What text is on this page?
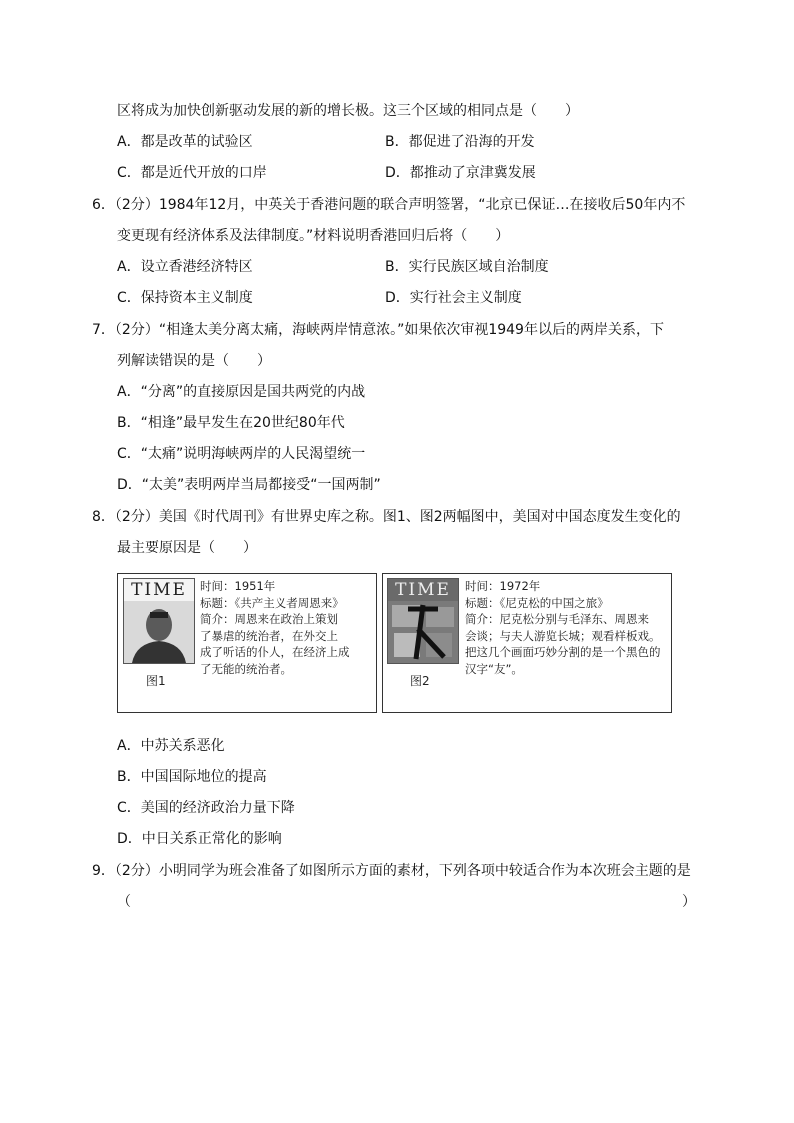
区将成为加快创新驱动发展的新的增长极。这三个区域的相同点是（　　）
A．都是改革的试验区	B．都促进了沿海的开发
C．都是近代开放的口岸	D．都推动了京津冀发展
6．（2分）1984年12月，中英关于香港问题的联合声明签署，“北京已保证…在接收后50年内不
变更现有经济体系及法律制度。”材料说明香港回归后将（　　）
A．设立香港经济特区	B．实行民族区域自治制度
C．保持资本主义制度	D．实行社会主义制度
7．（2分）“相逢太美分离太痛，海峡两岸情意浓。”如果依次审视1949年以后的两岸关系，下
列解读错误的是（　　）
A．“分离”的直接原因是国共两党的内战
B．“相逢”最早发生在20世纪80年代
C．“太痛”说明海峡两岸的人民渴望统一
D．“太美”表明两岸当局都接受“一国两制”
8．（2分）美国《时代周刊》有世界史库之称。图1、图2两幅图中，美国对中国态度发生变化的
最主要原因是（　　）
TIME
图1
时间：1951年
标题：《共产主义者周恩来》
简介：周恩来在政治上策划
了暴虐的统治者，在外交上
成了听话的仆人，在经济上成
了无能的统治者。
TIME
图2
时间：1972年
标题：《尼克松的中国之旅》
简介：尼克松分别与毛泽东、周恩来
会谈；与夫人游览长城；观看样板戏。
把这几个画面巧妙分割的是一个黑色的
汉字“友”。
A．中苏关系恶化
B．中国国际地位的提高
C．美国的经济政治力量下降
D．中日关系正常化的影响
9．（2分）小明同学为班会准备了如图所示方面的素材，下列各项中较适合作为本次班会主题的是
（	）
